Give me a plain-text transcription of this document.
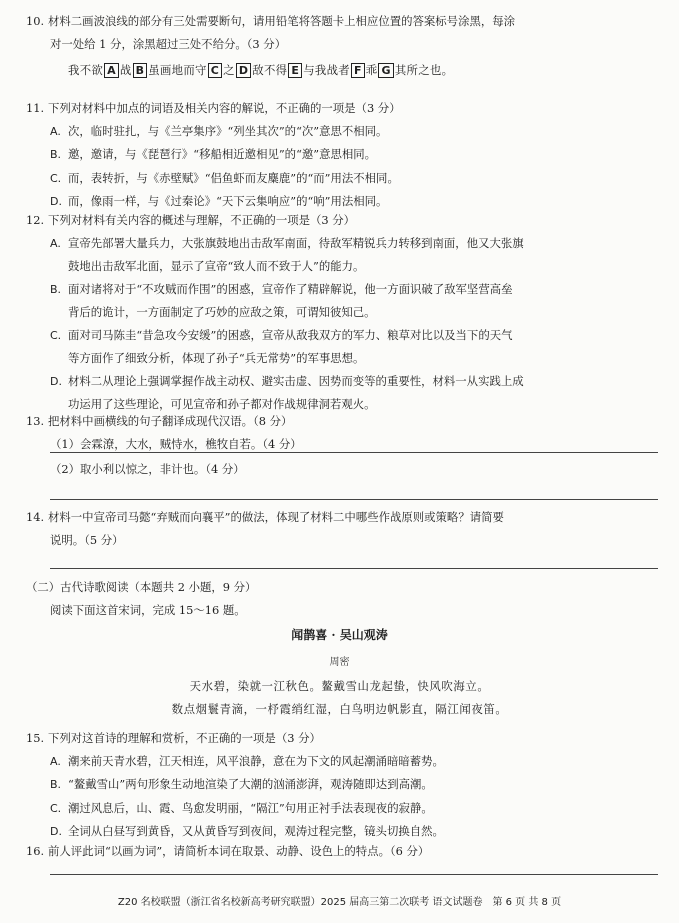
10. 材料二画波浪线的部分有三处需要断句，请用铅笔将答题卡上相应位置的答案标号涂黑，每涂
对一处给 1 分，涂黑超过三处不给分。（3 分）
我不欲 A 战 B 虽画地而守 C 之 D 敌不得 E 与我战者 F 乖 G 其所之也。
11. 下列对材料中加点的词语及相关内容的解说，不正确的一项是（3 分）
A. 次，临时驻扎，与《兰亭集序》“列坐其次”的“次”意思不相同。
B. 邀，邀请，与《琵琶行》“移船相近邀相见”的“邀”意思相同。
C. 而，表转折，与《赤壁赋》“侣鱼虾而友麋鹿”的“而”用法不相同。
D. 而，像雨一样，与《过秦论》“天下云集响应”的“响”用法相同。
12. 下列对材料有关内容的概述与理解，不正确的一项是（3 分）
A. 宣帝先部署大量兵力，大张旗鼓地出击敌军南面，待敌军精锐兵力转移到南面，他又大张旗
鼓地出击敌军北面，显示了宣帝“致人而不致于人”的能力。
B. 面对诸将对于“不攻贼而作围”的困惑，宣帝作了精辟解说，他一方面识破了敌军坚营高垒
背后的诡计，一方面制定了巧妙的应敌之策，可谓知彼知己。
C. 面对司马陈圭“昔急攻今安缓”的困惑，宣帝从敌我双方的军力、粮草对比以及当下的天气
等方面作了细致分析，体现了孙子“兵无常势”的军事思想。
D. 材料二从理论上强调掌握作战主动权、避实击虚、因势而变等的重要性，材料一从实践上成
功运用了这些理论，可见宣帝和孙子都对作战规律洞若观火。
13. 把材料中画横线的句子翻译成现代汉语。（8 分）
（1）会霖潦，大水，贼恃水，樵牧自若。（4 分）
（2）取小利以惊之，非计也。（4 分）
14. 材料一中宣帝司马懿“弃贼而向襄平”的做法，体现了材料二中哪些作战原则或策略？请简要
说明。（5 分）
（二）古代诗歌阅读（本题共 2 小题，9 分）
阅读下面这首宋词，完成 15～16 题。
闻鹊喜 · 吴山观涛
周密
天水碧，染就一江秋色。鳌戴雪山龙起蛰，快风吹海立。
数点烟鬟青滴，一杼霞绡红湿，白鸟明边帆影直，隔江闻夜笛。
15. 下列对这首诗的理解和赏析，不正确的一项是（3 分）
A. 潮来前天青水碧，江天相连，风平浪静，意在为下文的风起潮涌暗暗蓄势。
B. “鳌戴雪山”两句形象生动地渲染了大潮的汹涌澎湃，观涛随即达到高潮。
C. 潮过风息后，山、霞、鸟愈发明丽，“隔江”句用正衬手法表现夜的寂静。
D. 全词从白昼写到黄昏，又从黄昏写到夜间，观涛过程完整，镜头切换自然。
16. 前人评此词“以画为词”，请简析本词在取景、动静、设色上的特点。（6 分）
Z20 名校联盟（浙江省名校新高考研究联盟）2025 届高三第二次联考 语文试题卷　第 6 页 共 8 页
